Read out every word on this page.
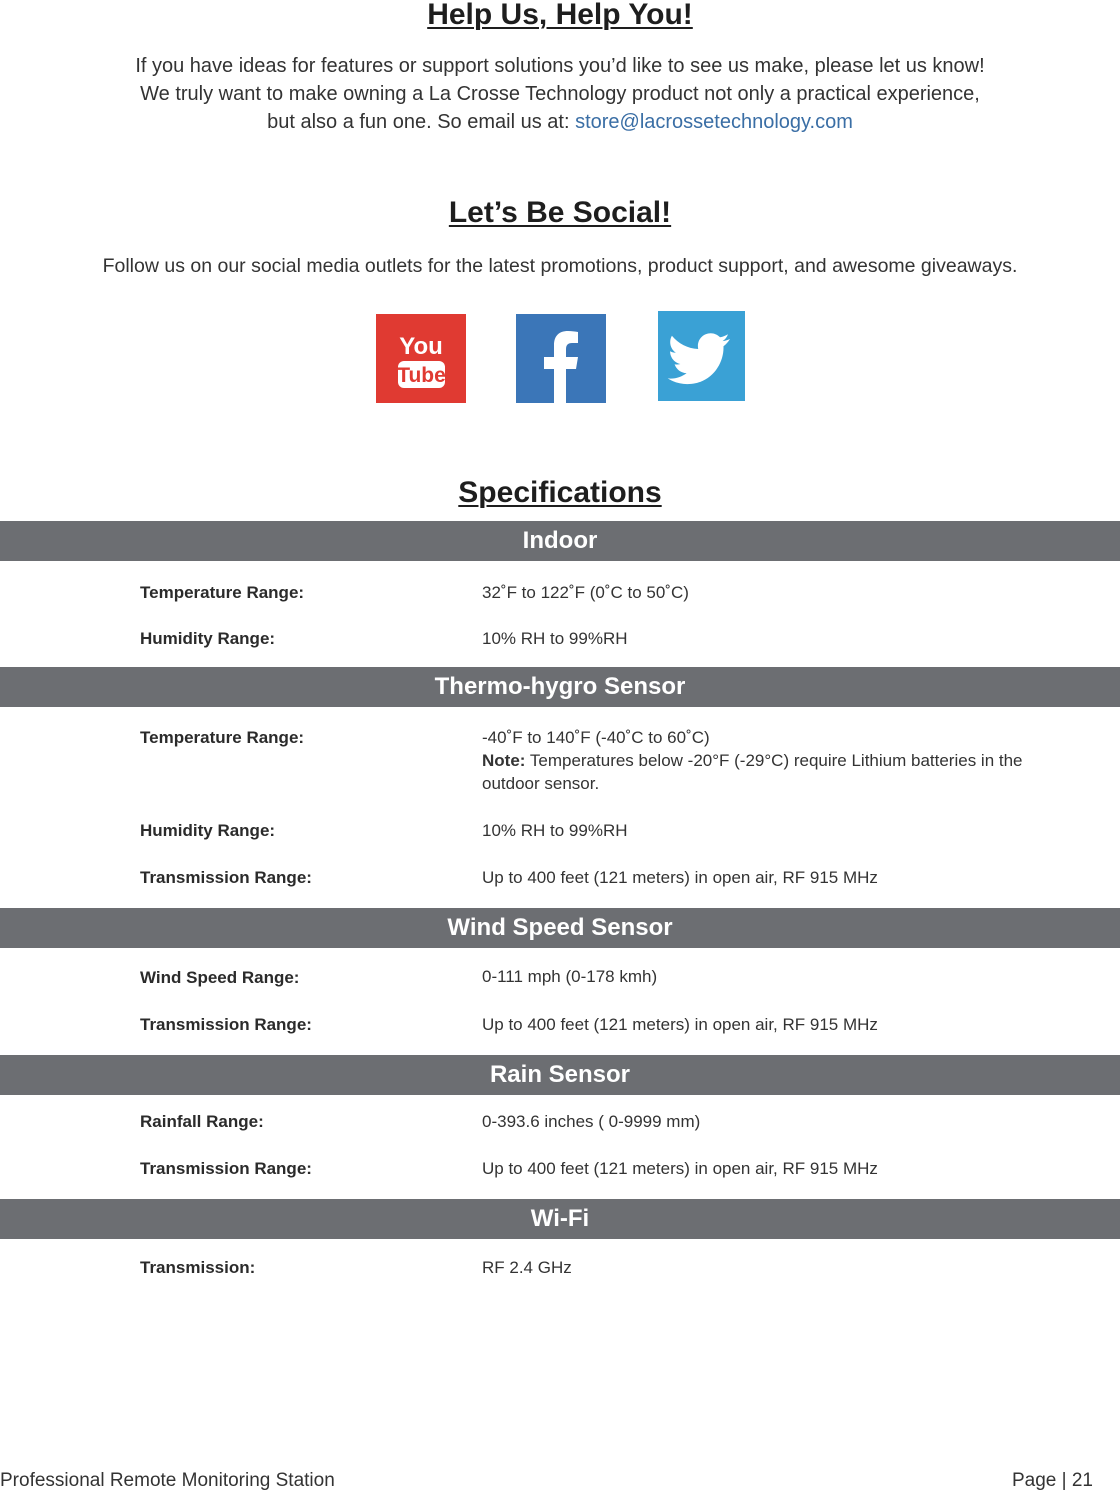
Help Us, Help You!
If you have ideas for features or support solutions you’d like to see us make, please let us know!
We truly want to make owning a La Crosse Technology product not only a practical experience,
but also a fun one. So email us at: store@lacrossetechnology.com
Let’s Be Social!
Follow us on our social media outlets for the latest promotions, product support, and awesome giveaways.
You
Tube
Specifications
Indoor
Temperature Range:	32˚F to 122˚F (0˚C to 50˚C)
Humidity Range:	10% RH to 99%RH
Thermo-hygro Sensor
Temperature Range:	-40˚F to 140˚F (-40˚C to 60˚C)
Note: Temperatures below -20°F (-29°C) require Lithium batteries in the outdoor sensor.
Humidity Range:	10% RH to 99%RH
Transmission Range:	Up to 400 feet (121 meters) in open air, RF 915 MHz
Wind Speed Sensor
Wind Speed Range:	0-111 mph (0-178 kmh)
Transmission Range:	Up to 400 feet (121 meters) in open air, RF 915 MHz
Rain Sensor
Rainfall Range:	0-393.6 inches ( 0-9999 mm)
Transmission Range:	Up to 400 feet (121 meters) in open air, RF 915 MHz
Wi-Fi
Transmission:	RF 2.4 GHz
Professional Remote Monitoring Station	Page | 21
